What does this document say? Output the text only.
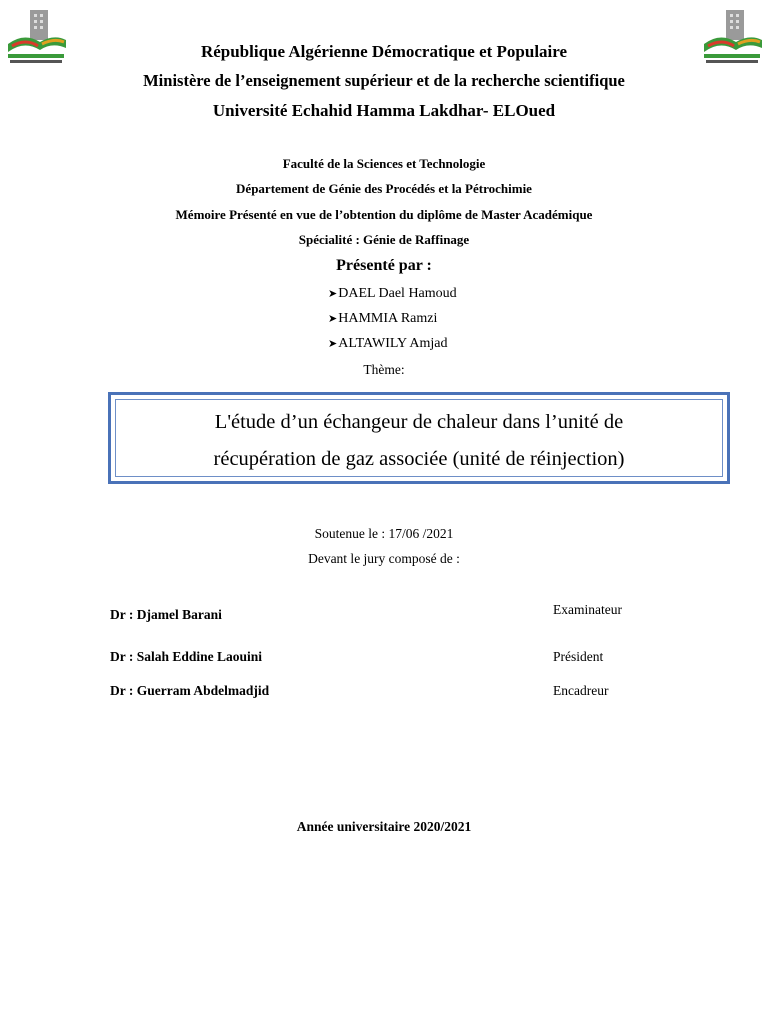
République Algérienne Démocratique et Populaire
Ministère de l’enseignement supérieur et de la recherche scientifique
Université Echahid Hamma Lakdhar- ELOued
Faculté de la Sciences et Technologie
Département de Génie des Procédés et la Pétrochimie
Mémoire Présenté en vue de l’obtention du diplôme de Master Académique
Spécialité : Génie de Raffinage
Présenté par :
➤DAEL Dael Hamoud
➤HAMMIA Ramzi
➤ALTAWILY Amjad
Thème:
L'étude d’un échangeur de chaleur dans l’unité de
récupération de gaz associée (unité de réinjection)
Soutenue le : 17/06 /2021
Devant le jury composé de :
Dr : Djamel Barani	Examinateur
Dr : Salah Eddine Laouini	Président
Dr : Guerram Abdelmadjid	Encadreur
Année universitaire 2020/2021
